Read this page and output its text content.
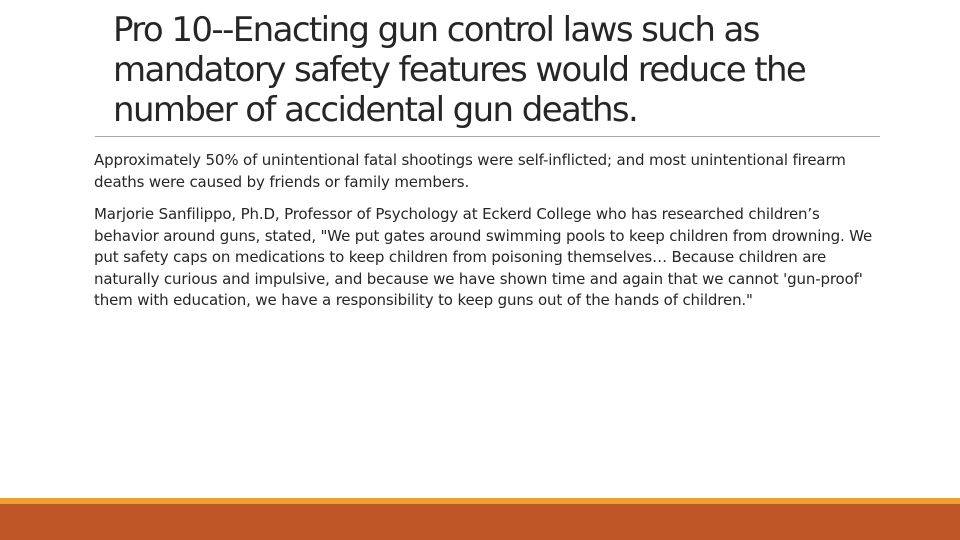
Pro 10--Enacting gun control laws such as mandatory safety features would reduce the number of accidental gun deaths.

Approximately 50% of unintentional fatal shootings were self-inflicted; and most unintentional firearm deaths were caused by friends or family members.

Marjorie Sanfilippo, Ph.D, Professor of Psychology at Eckerd College who has researched children’s behavior around guns, stated, "We put gates around swimming pools to keep children from drowning. We put safety caps on medications to keep children from poisoning themselves… Because children are naturally curious and impulsive, and because we have shown time and again that we cannot 'gun-proof' them with education, we have a responsibility to keep guns out of the hands of children."
